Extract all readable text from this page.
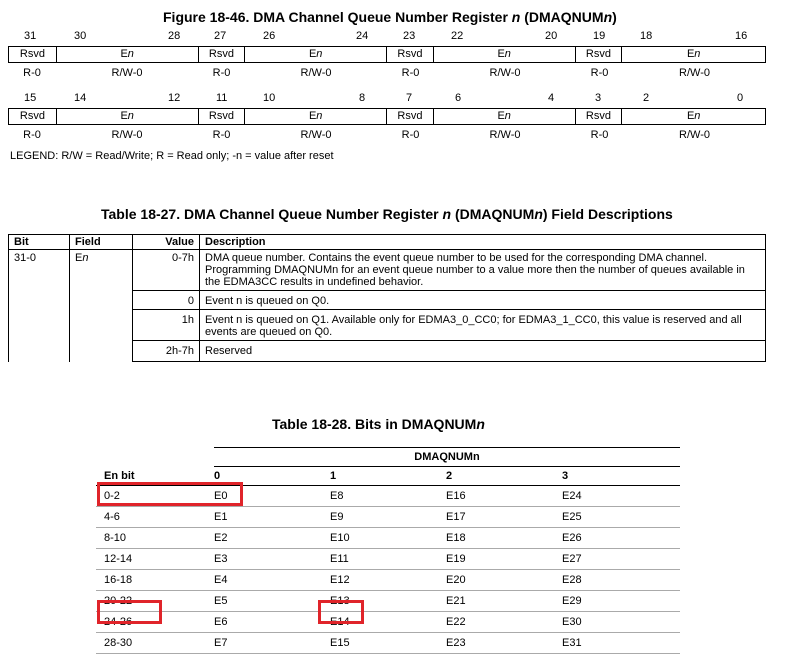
Figure 18-46. DMA Channel Queue Number Register n (DMAQNUMn)
31	30	28	27	26	24	23	22	20	19	18	16
Rsvd	En	Rsvd	En	Rsvd	En	Rsvd	En
R-0	R/W-0	R-0	R/W-0	R-0	R/W-0	R-0	R/W-0
15	14	12	11	10	8	7	6	4	3	2	0
Rsvd	En	Rsvd	En	Rsvd	En	Rsvd	En
R-0	R/W-0	R-0	R/W-0	R-0	R/W-0	R-0	R/W-0
LEGEND: R/W = Read/Write; R = Read only; -n = value after reset
Table 18-27. DMA Channel Queue Number Register n (DMAQNUMn) Field Descriptions
Bit	Field	Value	Description
31-0	En	0-7h	DMA queue number. Contains the event queue number to be used for the corresponding DMA channel. Programming DMAQNUMn for an event queue number to a value more then the number of queues available in the EDMA3CC results in undefined behavior.
		0	Event n is queued on Q0.
		1h	Event n is queued on Q1. Available only for EDMA3_0_CC0; for EDMA3_1_CC0, this value is reserved and all events are queued on Q0.
		2h-7h	Reserved
Table 18-28. Bits in DMAQNUMn
	DMAQNUMn			
En bit	0	1	2	3
0-2	E0	E8	E16	E24
4-6	E1	E9	E17	E25
8-10	E2	E10	E18	E26
12-14	E3	E11	E19	E27
16-18	E4	E12	E20	E28
20-22	E5	E13	E21	E29
24-26	E6	E14	E22	E30
28-30	E7	E15	E23	E31
